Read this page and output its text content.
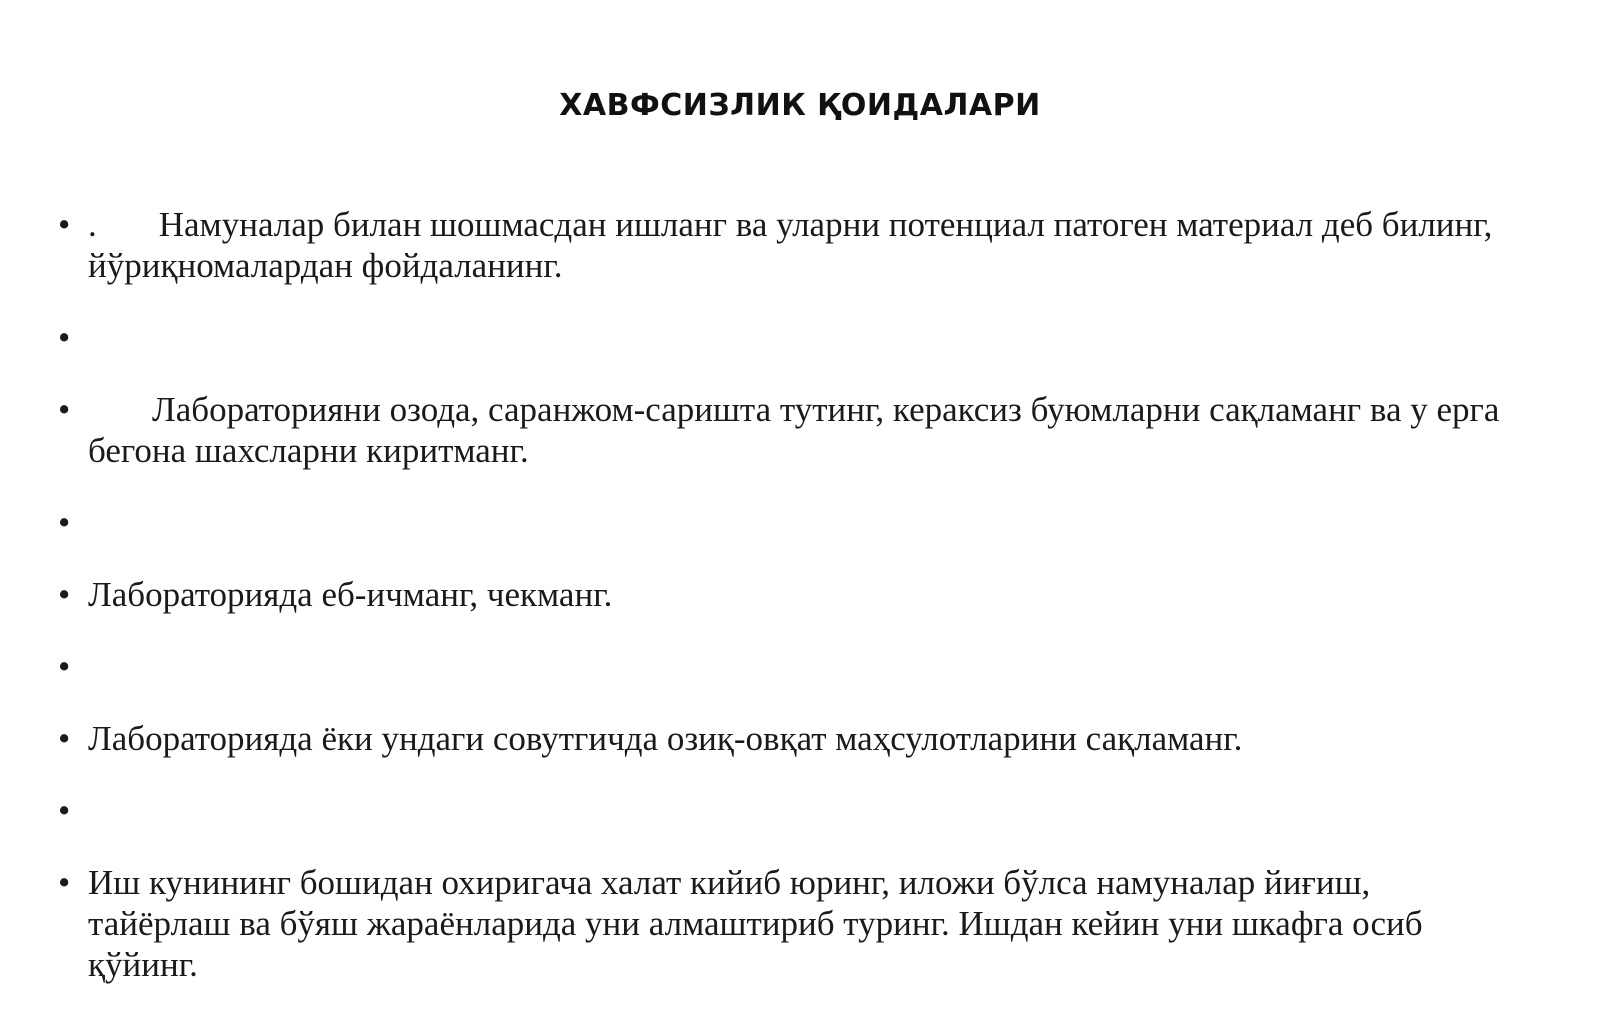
ХАВФСИЗЛИК ҚОИДАЛАРИ
• . Намуналар билан шошмасдан ишланг ва уларни потенциал патоген материал деб билинг, йўриқномалардан фойдаланинг.
•
• Лабораторияни озода, саранжом-саришта тутинг, кераксиз буюмларни сақламанг ва у ерга бегона шахсларни киритманг.
•
• Лабораторияда еб-ичманг, чекманг.
•
• Лабораторияда ёки ундаги совутгичда озиқ-овқат маҳсулотларини сақламанг.
•
• Иш кунининг бошидан охиригача халат кийиб юринг, иложи бўлса намуналар йиғиш, тайёрлаш ва бўяш жараёнларида уни алмаштириб туринг. Ишдан кейин уни шкафга осиб қўйинг.
